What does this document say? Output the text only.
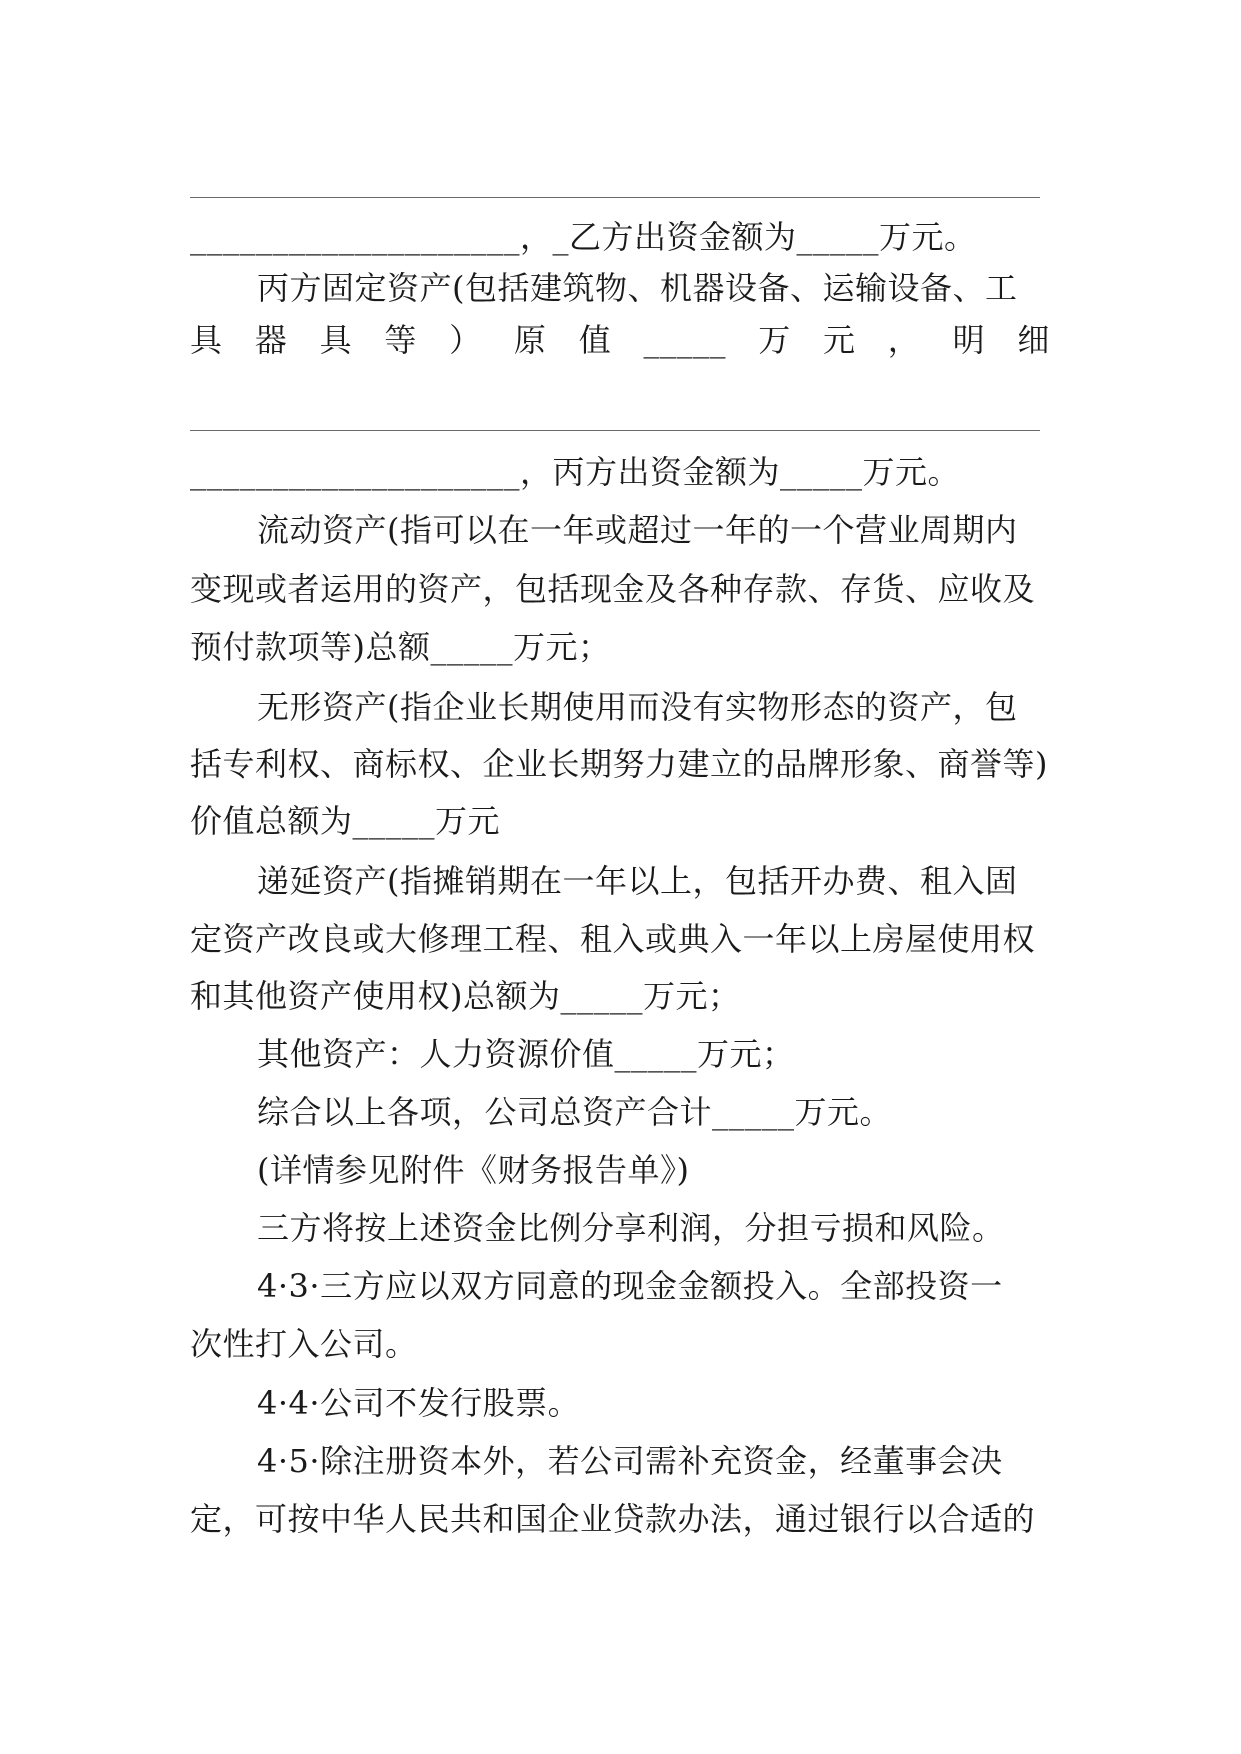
____________________，_乙方出资金额为_____万元。
丙方固定资产(包括建筑物、机器设备、运输设备、工
具 器 具 等 ） 原 值 _____ 万 元 ， 明 细
____________________，丙方出资金额为_____万元。
流动资产(指可以在一年或超过一年的一个营业周期内
变现或者运用的资产，包括现金及各种存款、存货、应收及
预付款项等)总额_____万元；
无形资产(指企业长期使用而没有实物形态的资产，包
括专利权、商标权、企业长期努力建立的品牌形象、商誉等)
价值总额为_____万元
递延资产(指摊销期在一年以上，包括开办费、租入固
定资产改良或大修理工程、租入或典入一年以上房屋使用权
和其他资产使用权)总额为_____万元；
其他资产：人力资源价值_____万元；
综合以上各项，公司总资产合计_____万元。
(详情参见附件《财务报告单》)
三方将按上述资金比例分享利润，分担亏损和风险。
4·3·三方应以双方同意的现金金额投入。全部投资一
次性打入公司。
4·4·公司不发行股票。
4·5·除注册资本外，若公司需补充资金，经董事会决
定，可按中华人民共和国企业贷款办法，通过银行以合适的
